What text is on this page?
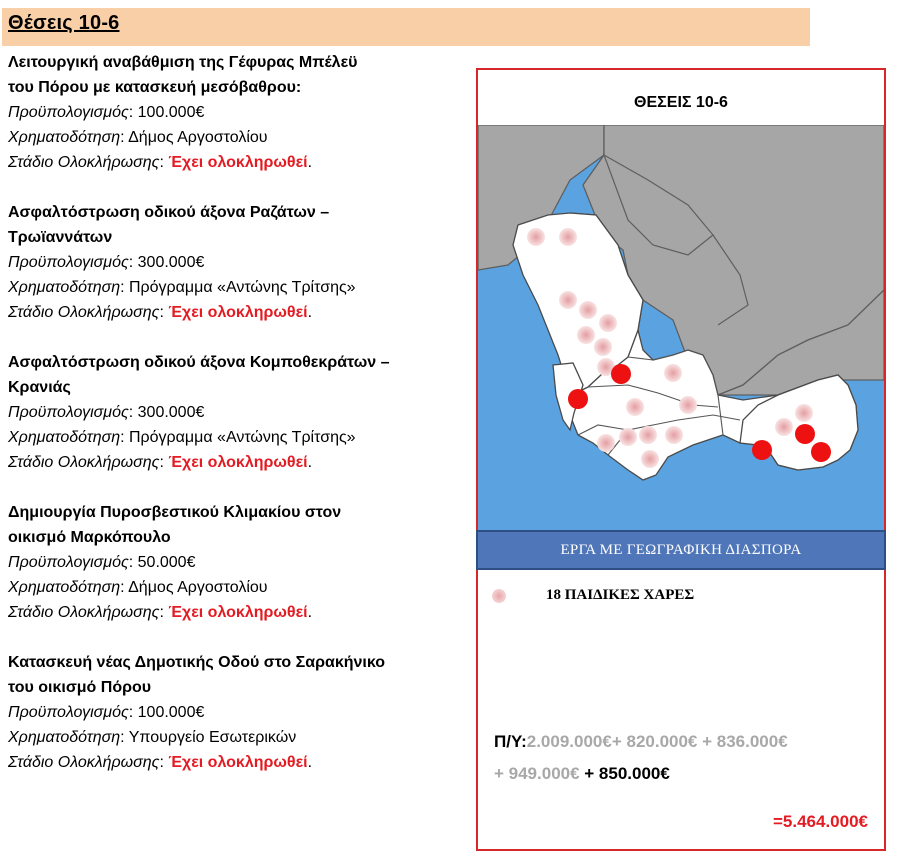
Θέσεις 10-6
Λειτουργική αναβάθμιση της Γέφυρας Μπέλεϋ
του Πόρου με κατασκευή μεσόβαθρου:
Προϋπολογισμός: 100.000€
Χρηματοδότηση: Δήμος Αργοστολίου
Στάδιο Ολοκλήρωσης: Έχει ολοκληρωθεί.
Ασφαλτόστρωση οδικού άξονα Ραζάτων –
Τρωϊαννάτων
Προϋπολογισμός: 300.000€
Χρηματοδότηση: Πρόγραμμα «Αντώνης Τρίτσης»
Στάδιο Ολοκλήρωσης: Έχει ολοκληρωθεί.
Ασφαλτόστρωση οδικού άξονα Κομποθεκράτων –
Κρανιάς
Προϋπολογισμός: 300.000€
Χρηματοδότηση: Πρόγραμμα «Αντώνης Τρίτσης»
Στάδιο Ολοκλήρωσης: Έχει ολοκληρωθεί.
Δημιουργία Πυροσβεστικού Κλιμακίου στον
οικισμό Μαρκόπουλο
Προϋπολογισμός: 50.000€
Χρηματοδότηση: Δήμος Αργοστολίου
Στάδιο Ολοκλήρωσης: Έχει ολοκληρωθεί.
Κατασκευή νέας Δημοτικής Οδού στο Σαρακήνικο
του οικισμό Πόρου
Προϋπολογισμός: 100.000€
Χρηματοδότηση: Υπουργείο Εσωτερικών
Στάδιο Ολοκλήρωσης: Έχει ολοκληρωθεί.
ΘΕΣΕΙΣ 10-6
ΕΡΓΑ ΜΕ ΓΕΩΓΡΑΦΙΚΗ ΔΙΑΣΠΟΡΑ
18 ΠΑΙΔΙΚΕΣ ΧΑΡΕΣ
Π/Υ:2.009.000€+ 820.000€ + 836.000€
+ 949.000€ + 850.000€
=5.464.000€
